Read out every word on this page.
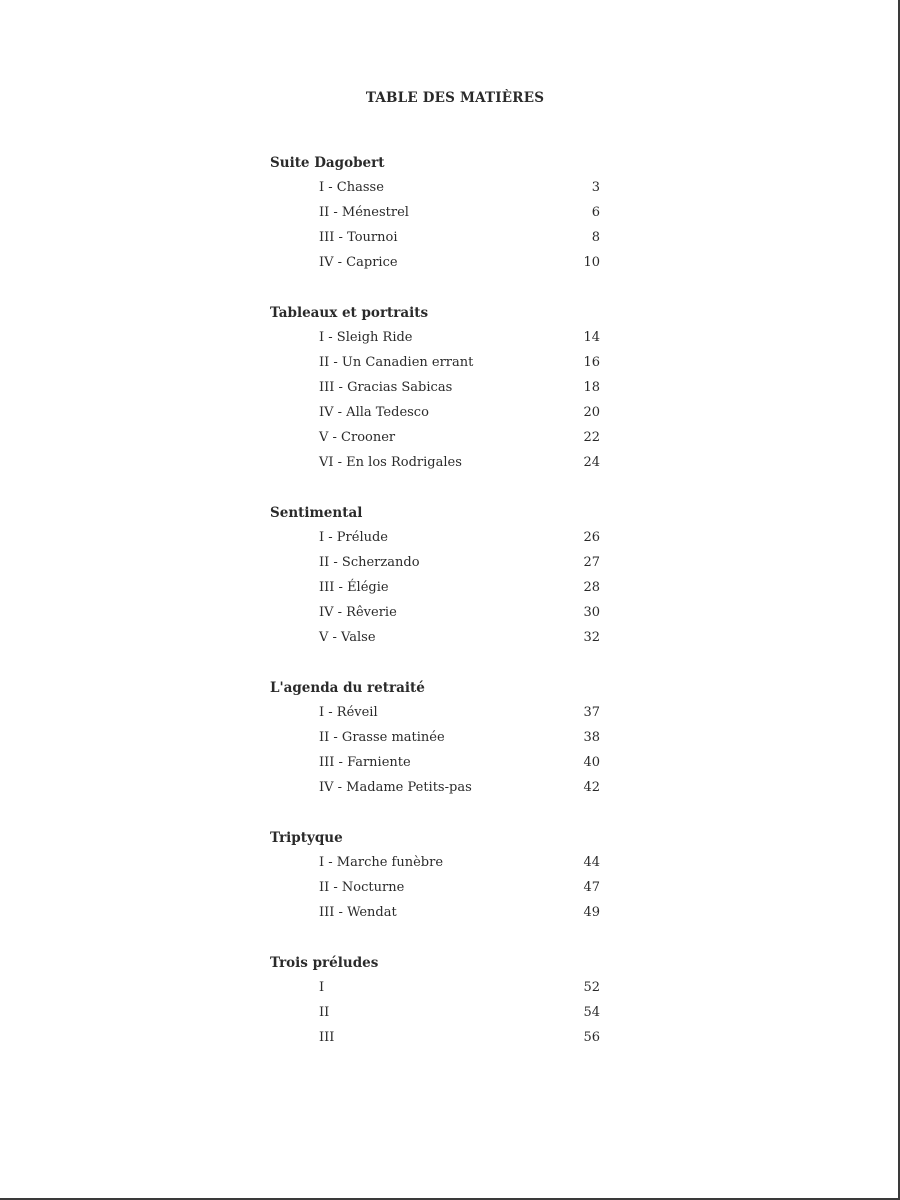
TABLE DES MATIÈRES
Suite Dagobert
I - Chasse	3
II - Ménestrel	6
III - Tournoi	8
IV - Caprice	10
Tableaux et portraits
I - Sleigh Ride	14
II - Un Canadien errant	16
III - Gracias Sabicas	18
IV - Alla Tedesco	20
V - Crooner	22
VI - En los Rodrigales	24
Sentimental
I - Prélude	26
II - Scherzando	27
III - Élégie	28
IV - Rêverie	30
V - Valse	32
L'agenda du retraité
I - Réveil	37
II - Grasse matinée	38
III - Farniente	40
IV - Madame Petits-pas	42
Triptyque
I - Marche funèbre	44
II - Nocturne	47
III - Wendat	49
Trois préludes
I	52
II	54
III	56
